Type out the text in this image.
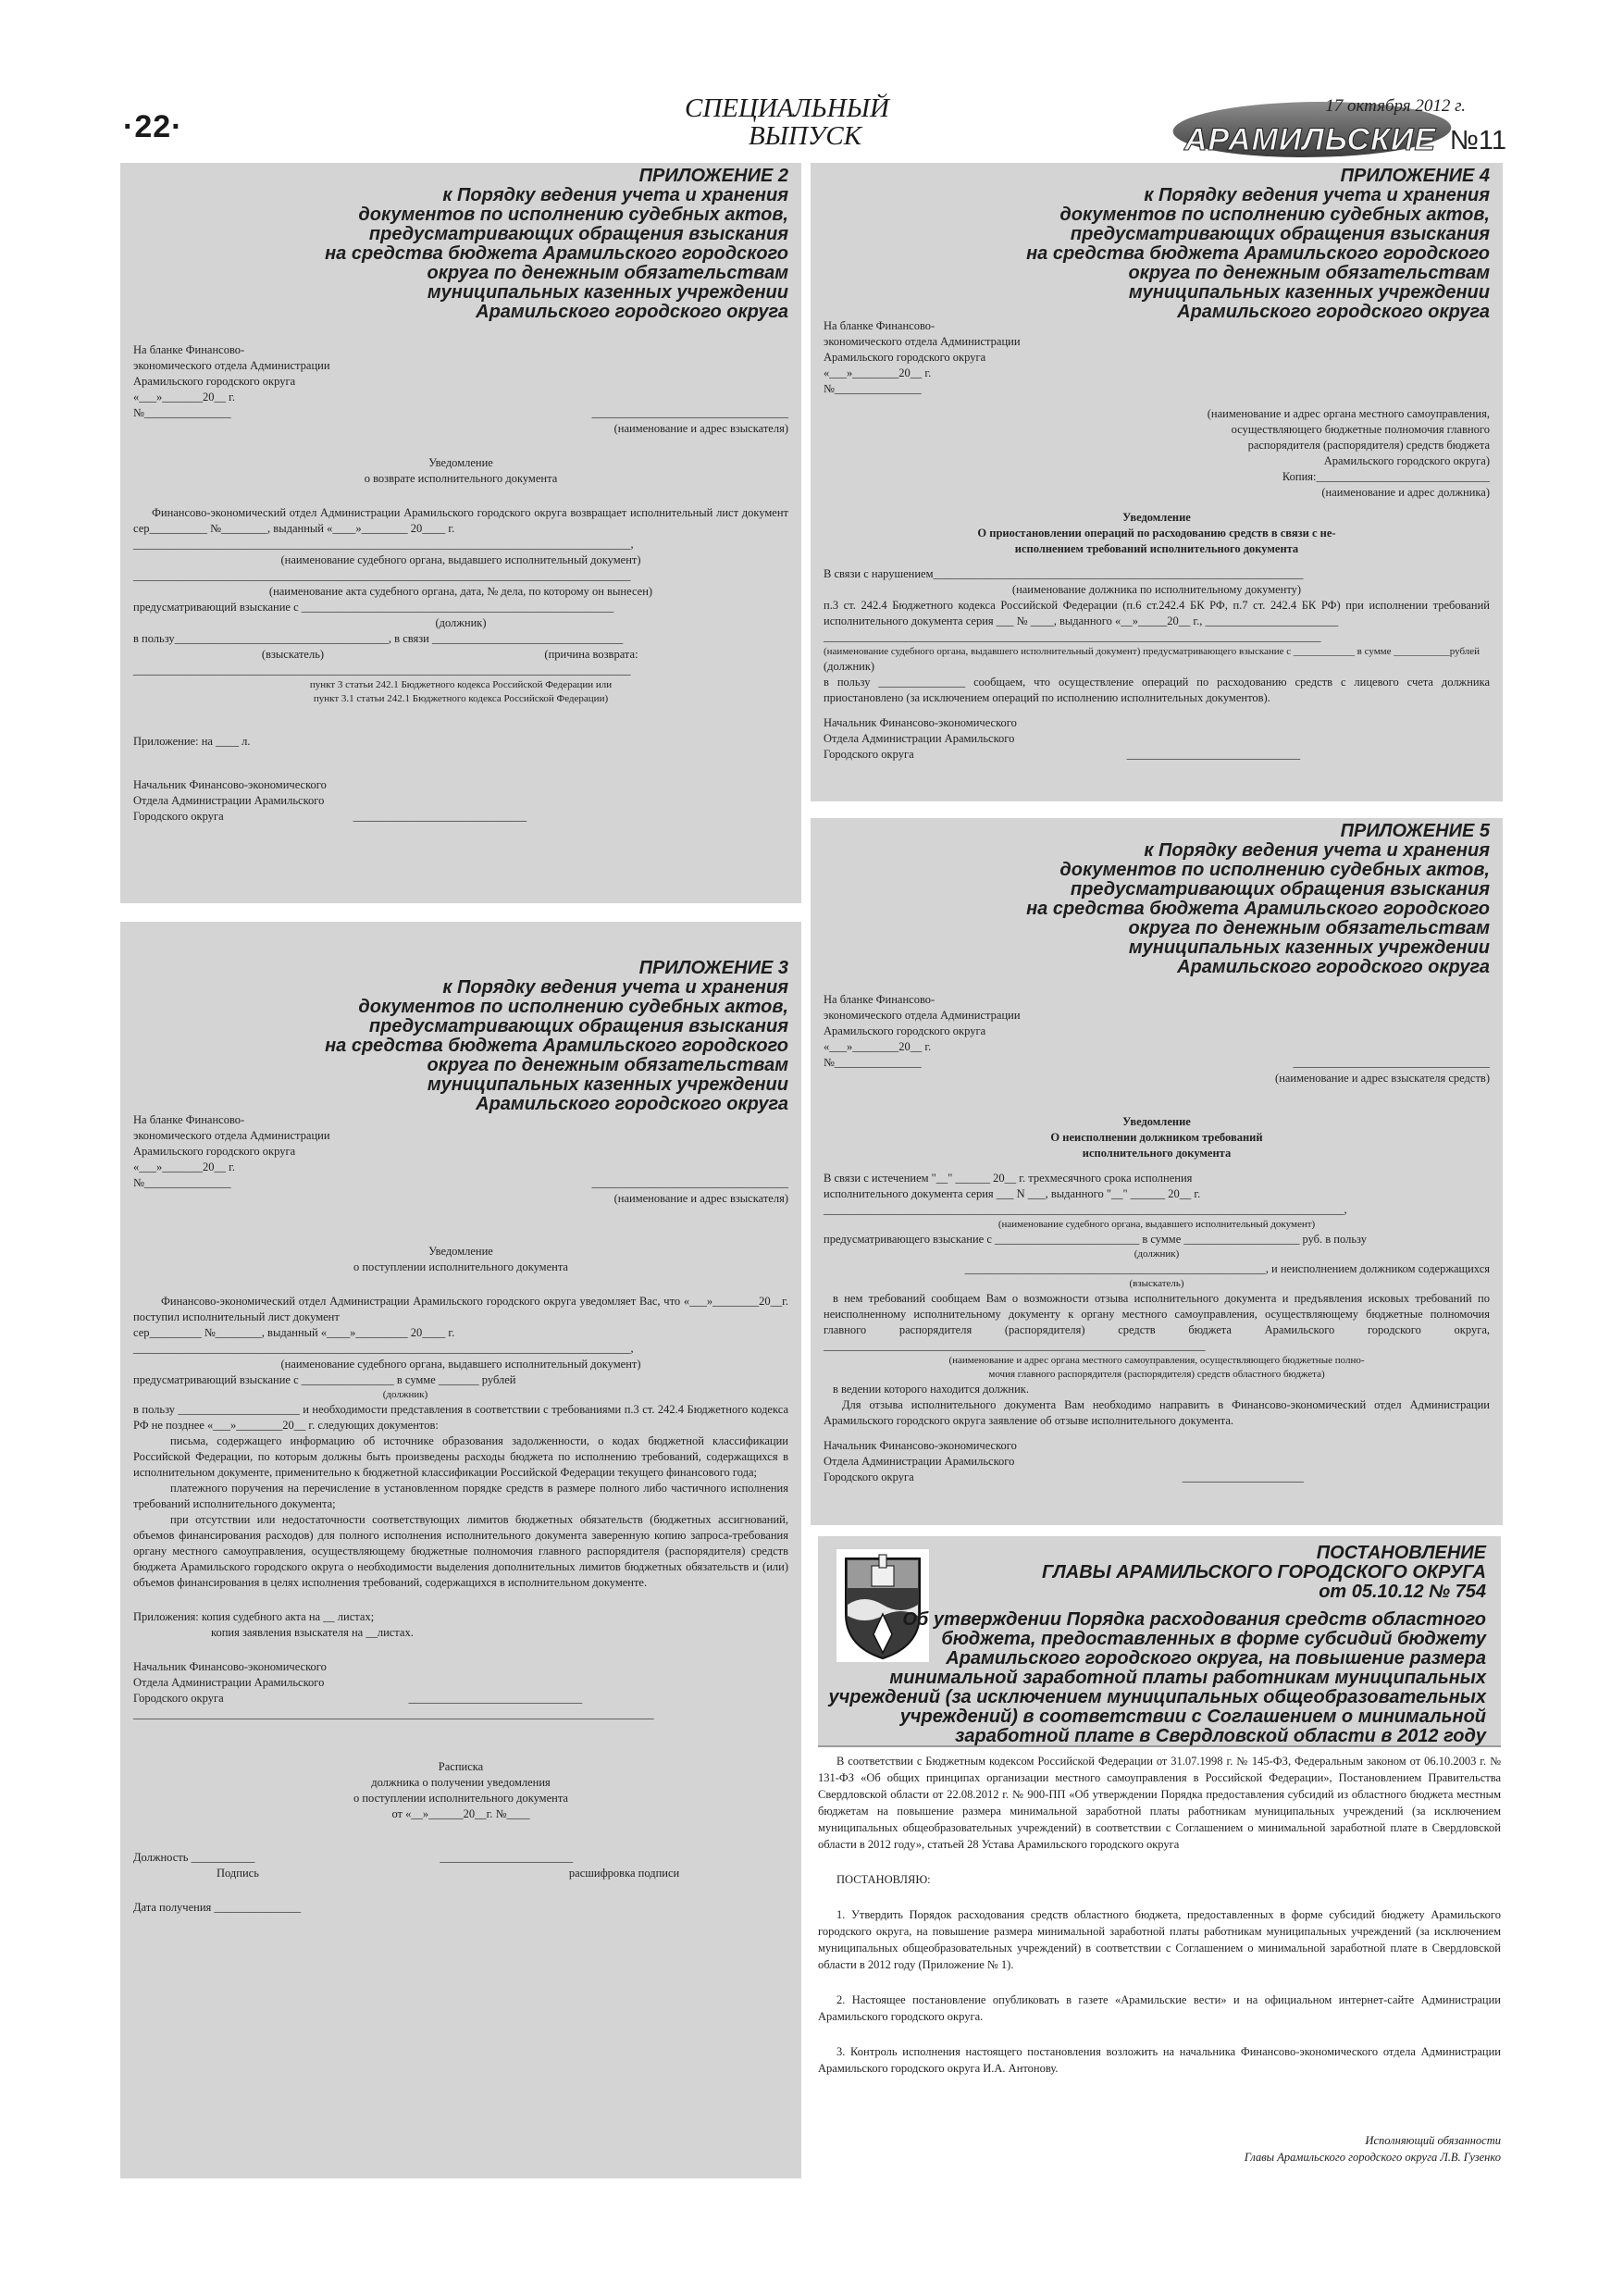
·22·
СПЕЦИАЛЬНЫЙ
ВЫПУСК
17 октября 2012 г.
АРАМИЛЬСКИЕ №11
ПРИЛОЖЕНИЕ 2
к Порядку ведения учета и хранения
документов по исполнению судебных актов,
предусматривающих обращения взыскания
на средства бюджета Арамильского городского
округа по денежным обязательствам
муниципальных казенных учреждении
Арамильского городского округа

На бланке Финансово-

экономического отдела Администрации

Арамильского городского округа

«___»_______20__ г.

№_______________	__________________________________

(наименование и адрес взыскателя)

Уведомление

о возврате исполнительного документа

Финансово-экономический отдел Администрации Арамильского городского округа возвращает исполнительный лист документ сер__________ №________, выданный «____»________ 20____ г.

______________________________________________________________________________________,

(наименование судебного органа, выдавшего исполнительный документ)

______________________________________________________________________________________

(наименование акта судебного органа, дата, № дела, по которому он вынесен)

предусматривающий взыскание с ______________________________________________________

(должник)

в пользу_____________________________________, в связи _________________________________

(взыскатель)	(причина возврата:

______________________________________________________________________________________

пункт 3 статьи 242.1 Бюджетного кодекса Российской Федерации или

пункт 3.1 статьи 242.1 Бюджетного кодекса Российской Федерации)

Приложение: на ____ л.

Начальник Финансово-экономического

Отдела Администрации Арамильского

Городского округа	______________________________

ПРИЛОЖЕНИЕ 4
к Порядку ведения учета и хранения
документов по исполнению судебных актов,
предусматривающих обращения взыскания
на средства бюджета Арамильского городского
округа по денежным обязательствам
муниципальных казенных учреждении
Арамильского городского округа

На бланке Финансово-

экономического отдела Администрации

Арамильского городского округа

«___»________20__ г.

№_______________

(наименование и адрес органа местного самоуправления,

осуществляющего бюджетные полномочия главного

распорядителя (распорядителя) средств бюджета

Арамильского городского округа)

Копия:______________________________

(наименование и адрес должника)

Уведомление

О приостановлении операций по расходованию средств в связи с не-

исполнением требований исполнительного документа

В связи с нарушением________________________________________________________________

(наименование должника по исполнительному документу)

п.3 ст. 242.4 Бюджетного кодекса Российской Федерации (п.6 ст.242.4 БК РФ, п.7 ст. 242.4 БК РФ) при исполнении требований исполнительного документа серия ___ № ____, выданного «__»_____20__ г., _______________________

______________________________________________________________________________________

(наименование судебного органа, выдавшего исполнительный документ) предусматривающего взыскание с ____________ в сумме ___________рублей

(должник)

в пользу _______________ сообщаем, что осуществление операций по расходованию средств с лицевого счета должника приостановлено (за исключением операций по исполнению исполнительных документов).

Начальник Финансово-экономического

Отдела Администрации Арамильского

Городского округа	______________________________

ПРИЛОЖЕНИЕ 5
к Порядку ведения учета и хранения
документов по исполнению судебных актов,
предусматривающих обращения взыскания
на средства бюджета Арамильского городского
округа по денежным обязательствам
муниципальных казенных учреждении
Арамильского городского округа

На бланке Финансово-

экономического отдела Администрации

Арамильского городского округа

«___»________20__ г.

№_______________	__________________________________

(наименование и адрес взыскателя средств)

Уведомление

О неисполнении должником требований

исполнительного документа

В связи с истечением "__" ______ 20__ г. трехмесячного срока исполнения

исполнительного документа серия ___ N ___, выданного "__" ______ 20__ г.

__________________________________________________________________________________________,

(наименование судебного органа, выдавшего исполнительный документ)

предусматривающего взыскание с _________________________ в сумме ____________________ руб. в пользу

(должник)

____________________________________________________, и неисполнением должником содержащихся

(взыскатель)

в нем требований сообщаем Вам о возможности отзыва исполнительного документа и предъявления исковых требований по неисполненному исполнительному документу к органу местного самоуправления, осуществляющему бюджетные полномочия главного распорядителя (распорядителя) средств бюджета Арамильского городского округа, __________________________________________________________________

(наименование и адрес органа местного самоуправления, осуществляющего бюджетные полно-

мочия главного распорядителя (распорядителя) средств областного бюджета)

в ведении которого находится должник.

Для отзыва исполнительного документа Вам необходимо направить в Финансово-экономический отдел Администрации Арамильского городского округа заявление об отзыве исполнительного документа.

Начальник Финансово-экономического

Отдела Администрации Арамильского

Городского округа	_____________________

ПРИЛОЖЕНИЕ 3
к Порядку ведения учета и хранения
документов по исполнению судебных актов,
предусматривающих обращения взыскания
на средства бюджета Арамильского городского
округа по денежным обязательствам
муниципальных казенных учреждении
Арамильского городского округа

На бланке Финансово-

экономического отдела Администрации

Арамильского городского округа

«___»_______20__ г.

№_______________	__________________________________

(наименование и адрес взыскателя)

Уведомление

о поступлении исполнительного документа

Финансово-экономический отдел Администрации Арамильского городского округа уведомляет Вас, что «___»________20__г. поступил исполнительный лист документ

сер_________ №________, выданный «____»_________ 20____ г.

______________________________________________________________________________________,

(наименование судебного органа, выдавшего исполнительный документ)

предусматривающий взыскание с ________________ в сумме _______ рублей

(должник)

в пользу _____________________ и необходимости представления в соответствии с требованиями п.3 ст. 242.4 Бюджетного кодекса РФ не позднее «___»________20__ г. следующих документов:

письма, содержащего информацию об источнике образования задолженности, о кодах бюджетной классификации Российской Федерации, по которым должны быть произведены расходы бюджета по исполнению требований, содержащихся в исполнительном документе, применительно к бюджетной классификации Российской Федерации текущего финансового года;

платежного поручения на перечисление в установленном порядке средств в размере полного либо частичного исполнения требований исполнительного документа;

при отсутствии или недостаточности соответствующих лимитов бюджетных обязательств (бюджетных ассигнований, объемов финансирования расходов) для полного исполнения исполнительного документа заверенную копию запроса-требования органу местного самоуправления, осуществляющему бюджетные полномочия главного распорядителя (распорядителя) средств бюджета Арамильского городского округа о необходимости выделения дополнительных лимитов бюджетных обязательств и (или) объемов финансирования в целях исполнения требований, содержащихся в исполнительном документе.

Приложения: копия судебного акта на __ листах;

копия заявления взыскателя на __листах.

Начальник Финансово-экономического

Отдела Администрации Арамильского

Городского округа	______________________________

__________________________________________________________________________________________

Расписка

должника о получении уведомления

о поступлении исполнительного документа

от «__»______20__г. №____

Должность ___________	_______________________

Подпись	расшифровка подписи

Дата получения _______________

ПОСТАНОВЛЕНИЕ
ГЛАВЫ АРАМИЛЬСКОГО ГОРОДСКОГО ОКРУГА
от 05.10.12 № 754
Об утверждении Порядка расходования средств областного
бюджета, предоставленных в форме субсидий бюджету
Арамильского городского округа, на повышение размера
минимальной заработной платы работникам муниципальных
учреждений (за исключением муниципальных общеобразовательных
учреждений) в соответствии с Соглашением о минимальной
заработной плате в Свердловской области в 2012 году

В соответствии с Бюджетным кодексом Российской Федерации от 31.07.1998 г. № 145-ФЗ, Федеральным законом от 06.10.2003 г. № 131-ФЗ «Об общих принципах организации местного самоуправления в Российской Федерации», Постановлением Правительства Свердловской области от 22.08.2012 г. № 900-ПП «Об утверждении Порядка предоставления субсидий из областного бюджета местным бюджетам на повышение размера минимальной заработной платы работникам муниципальных учреждений (за исключением муниципальных общеобразовательных учреждений) в соответствии с Соглашением о минимальной заработной плате в Свердловской области в 2012 году», статьей 28 Устава Арамильского городского округа

ПОСТАНОВЛЯЮ:

1. Утвердить Порядок расходования средств областного бюджета, предоставленных в форме субсидий бюджету Арамильского городского округа, на повышение размера минимальной заработной платы работникам муниципальных учреждений (за исключением муниципальных общеобразовательных учреждений) в соответствии с Соглашением о минимальной заработной плате в Свердловской области в 2012 году (Приложение № 1).

2. Настоящее постановление опубликовать в газете «Арамильские вести» и на официальном интернет-сайте Администрации Арамильского городского округа.

3. Контроль исполнения настоящего постановления возложить на начальника Финансово-экономического отдела Администрации Арамильского городского округа И.А. Антонову.

Исполняющий обязанности

Главы Арамильского городского округа Л.В. Гузенко
